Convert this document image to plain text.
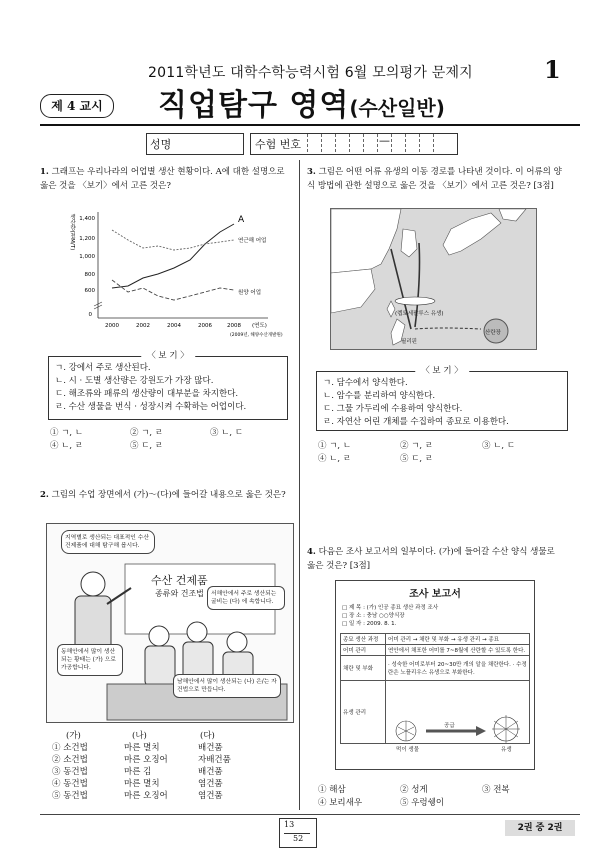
2011학년도 대학수학능력시험 6월 모의평가 문제지	1
제 4 교시	직업탐구 영역(수산일반)
성명	수험 번호	—
1. 그래프는 우리나라의 어업별 생산 현황이다. A에 대한 설명으로 옳은 것을 〈보기〉에서 고른 것은?
1,400
1,200
1,000
800
600
0
2000	2002	2004	2006	2008 (연도)
(2009년, 해양수산개발원)
생산량(천M/T)	A
연근해 어업
원양 어업
〈 보 기 〉
ㄱ. 강에서 주로 생산된다.
ㄴ. 시 · 도별 생산량은 강원도가 가장 많다.
ㄷ. 해조류와 패류의 생산량이 대부분을 차지한다.
ㄹ. 수산 생물을 번식 · 성장시켜 수확하는 어업이다.
① ㄱ, ㄴ	② ㄱ, ㄹ	③ ㄴ, ㄷ
④ ㄴ, ㄹ	⑤ ㄷ, ㄹ
2. 그림의 수업 장면에서 (가)～(다)에 들어갈 내용으로 옳은 것은?
지역별로 생산되는 대표적인 수산 건제품에 대해 탐구해 봅시다.
수산 건제품
종류와 건조법	서해안에서 주로 생산되는 굴비는 (다) 에 속합니다.
동해안에서 많이 생산되는 황태는 (가) 으로 가공합니다.
남해안에서 많이 생산되는 (나) 은/는 자건법으로 만듭니다.
(가)	(나)	(다)
① 소건법	마른 멸치	배건품
② 소건법	마른 오징어	자배건품
③ 동건법	마른 김	배건품
④ 동건법	마른 멸치	염건품
⑤ 동건법	마른 오징어	염건품
3. 그림은 어떤 어류 유생의 이동 경로를 나타낸 것이다. 이 어류의 양식 방법에 관한 설명으로 옳은 것을 〈보기〉에서 고른 것은? [3점]
(렙토세팔루스 유생)
산란장
필리핀
〈 보 기 〉
ㄱ. 담수에서 양식한다.
ㄴ. 암수를 분리하여 양식한다.
ㄷ. 그물 가두리에 수용하여 양식한다.
ㄹ. 자연산 어린 개체를 수집하여 종묘로 이용한다.
① ㄱ, ㄴ	② ㄱ, ㄹ	③ ㄴ, ㄷ
④ ㄴ, ㄹ	⑤ ㄷ, ㄹ
4. 다음은 조사 보고서의 일부이다. (가)에 들어갈 수산 양식 생물로 옳은 것은? [3점]
조사 보고서
□ 제 목 : (가) 인공 종묘 생산 과정 조사
□ 장 소 : 충남 ○○양식장
□ 일 자 : 2009. 8. 1.
종묘 생산 과정	어미 관리 → 채란 및 부화 → 유생 관리 → 종묘
어미 관리	연안에서 채포한 어미를 7~8월에 산란할 수 있도록 한다.
채란 및 부화	· 성숙한 어미로부터 20~30만 개의 알을 채란한다. · 수정란은 노플리우스 유생으로 부화한다.
유생 관리	
먹이 생물
공급
유생
① 해삼	② 성게	③ 전복
④ 보리새우	⑤ 우렁쉥이
13
52
2권 중 2권
